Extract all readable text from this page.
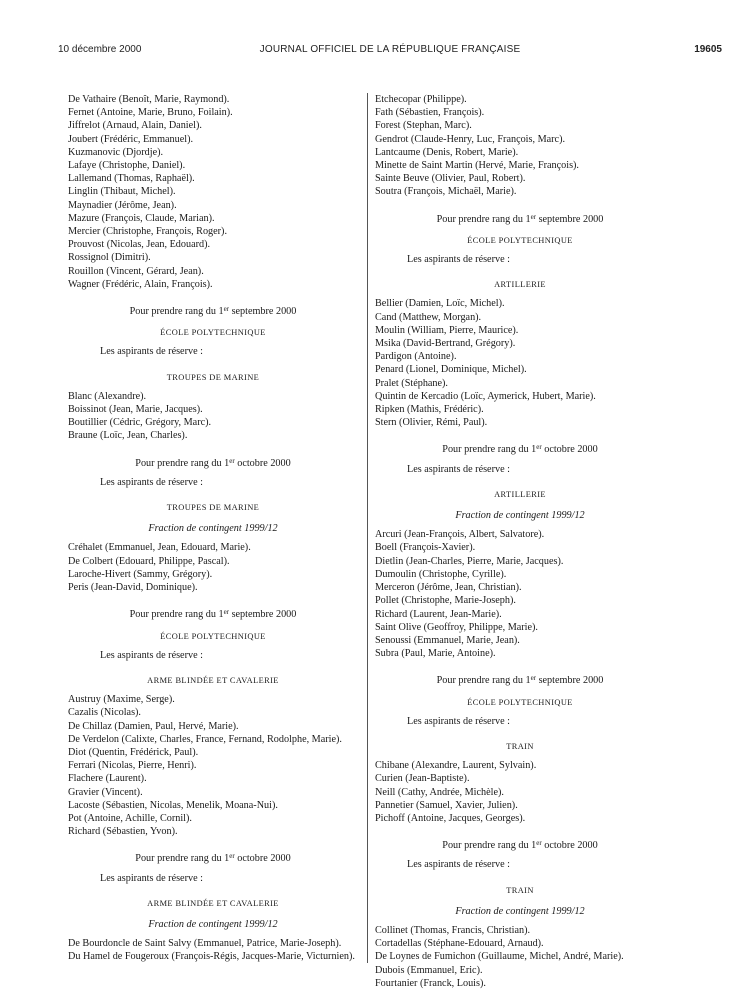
10 décembre 2000	JOURNAL OFFICIEL DE LA RÉPUBLIQUE FRANÇAISE	19605
De Vathaire (Benoît, Marie, Raymond).
Fernet (Antoine, Marie, Bruno, Foilain).
Jiffrelot (Arnaud, Alain, Daniel).
Joubert (Frédéric, Emmanuel).
Kuzmanovic (Djordje).
Lafaye (Christophe, Daniel).
Lallemand (Thomas, Raphaël).
Linglin (Thibaut, Michel).
Maynadier (Jérôme, Jean).
Mazure (François, Claude, Marian).
Mercier (Christophe, François, Roger).
Prouvost (Nicolas, Jean, Edouard).
Rossignol (Dimitri).
Rouillon (Vincent, Gérard, Jean).
Wagner (Frédéric, Alain, François).
Pour prendre rang du 1er septembre 2000
ÉCOLE POLYTECHNIQUE
Les aspirants de réserve :
TROUPES DE MARINE
Blanc (Alexandre).
Boissinot (Jean, Marie, Jacques).
Boutillier (Cédric, Grégory, Marc).
Braune (Loïc, Jean, Charles).
Pour prendre rang du 1er octobre 2000
Les aspirants de réserve :
TROUPES DE MARINE
Fraction de contingent 1999/12
Créhalet (Emmanuel, Jean, Edouard, Marie).
De Colbert (Edouard, Philippe, Pascal).
Laroche-Hivert (Sammy, Grégory).
Peris (Jean-David, Dominique).
Pour prendre rang du 1er septembre 2000
ÉCOLE POLYTECHNIQUE
Les aspirants de réserve :
ARME BLINDÉE ET CAVALERIE
Austruy (Maxime, Serge).
Cazalis (Nicolas).
De Chillaz (Damien, Paul, Hervé, Marie).
De Verdelon (Calixte, Charles, France, Fernand, Rodolphe, Marie).
Diot (Quentin, Frédérick, Paul).
Ferrari (Nicolas, Pierre, Henri).
Flachere (Laurent).
Gravier (Vincent).
Lacoste (Sébastien, Nicolas, Menelik, Moana-Nui).
Pot (Antoine, Achille, Cornil).
Richard (Sébastien, Yvon).
Pour prendre rang du 1er octobre 2000
Les aspirants de réserve :
ARME BLINDÉE ET CAVALERIE
Fraction de contingent 1999/12
De Bourdoncle de Saint Salvy (Emmanuel, Patrice, Marie-Joseph).
Du Hamel de Fougeroux (François-Régis, Jacques-Marie, Victurnien).
Etchecopar (Philippe).
Fath (Sébastien, François).
Forest (Stephan, Marc).
Gendrot (Claude-Henry, Luc, François, Marc).
Lantcaume (Denis, Robert, Marie).
Minette de Saint Martin (Hervé, Marie, François).
Sainte Beuve (Olivier, Paul, Robert).
Soutra (François, Michaël, Marie).
Pour prendre rang du 1er septembre 2000
ÉCOLE POLYTECHNIQUE
Les aspirants de réserve :
ARTILLERIE
Bellier (Damien, Loïc, Michel).
Cand (Matthew, Morgan).
Moulin (William, Pierre, Maurice).
Msika (David-Bertrand, Grégory).
Pardigon (Antoine).
Penard (Lionel, Dominique, Michel).
Pralet (Stéphane).
Quintin de Kercadio (Loïc, Aymerick, Hubert, Marie).
Ripken (Mathis, Frédéric).
Stern (Olivier, Rémi, Paul).
Pour prendre rang du 1er octobre 2000
Les aspirants de réserve :
ARTILLERIE
Fraction de contingent 1999/12
Arcuri (Jean-François, Albert, Salvatore).
Boell (François-Xavier).
Dietlin (Jean-Charles, Pierre, Marie, Jacques).
Dumoulin (Christophe, Cyrille).
Merceron (Jérôme, Jean, Christian).
Pollet (Christophe, Marie-Joseph).
Richard (Laurent, Jean-Marie).
Saint Olive (Geoffroy, Philippe, Marie).
Senoussi (Emmanuel, Marie, Jean).
Subra (Paul, Marie, Antoine).
Pour prendre rang du 1er septembre 2000
ÉCOLE POLYTECHNIQUE
Les aspirants de réserve :
TRAIN
Chibane (Alexandre, Laurent, Sylvain).
Curien (Jean-Baptiste).
Neill (Cathy, Andrée, Michèle).
Pannetier (Samuel, Xavier, Julien).
Pichoff (Antoine, Jacques, Georges).
Pour prendre rang du 1er octobre 2000
Les aspirants de réserve :
TRAIN
Fraction de contingent 1999/12
Collinet (Thomas, Francis, Christian).
Cortadellas (Stéphane-Edouard, Arnaud).
De Loynes de Fumichon (Guillaume, Michel, André, Marie).
Dubois (Emmanuel, Eric).
Fourtanier (Franck, Louis).
